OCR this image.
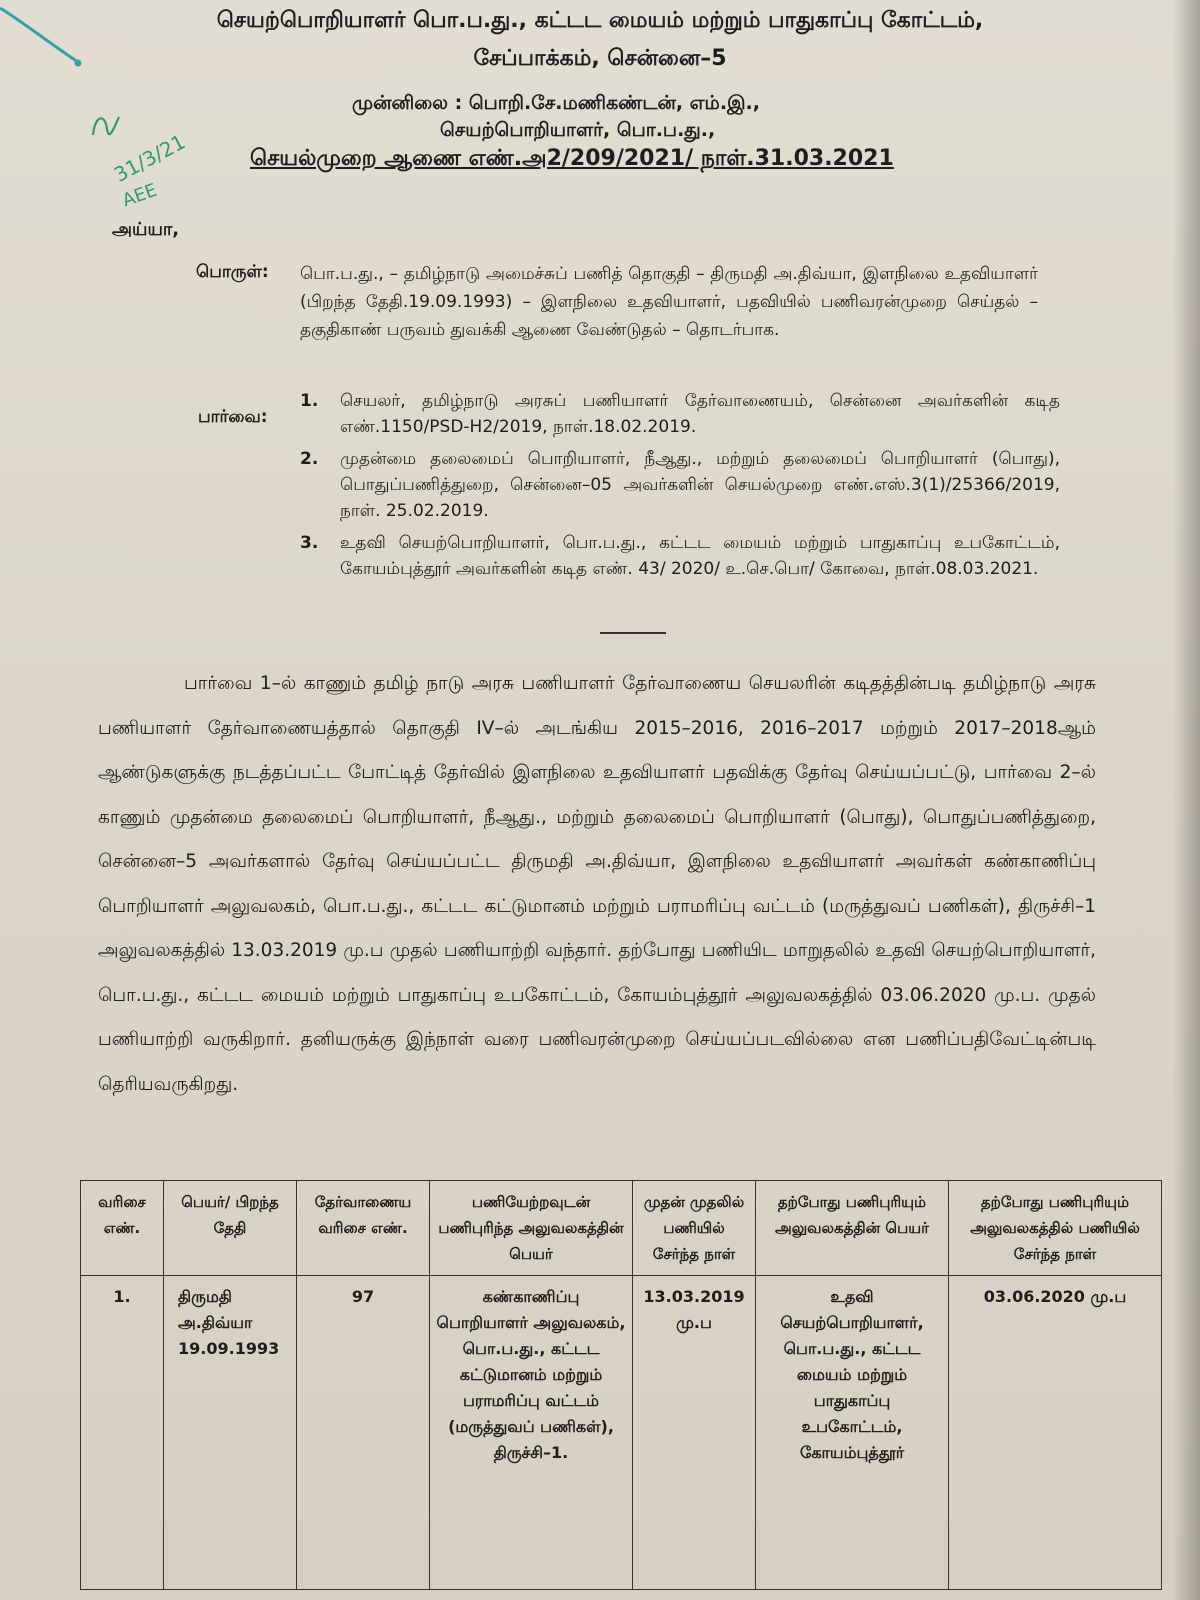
செயற்பொறியாளர் பொ.ப.து., கட்டட மையம் மற்றும் பாதுகாப்பு கோட்டம்,
சேப்பாக்கம், சென்னை–5
முன்னிலை : பொறி.சே.மணிகண்டன், எம்.இ.,
செயற்பொறியாளர், பொ.ப.து.,
செயல்முறை ஆணை எண்.அ2/209/2021/ நாள்.31.03.2021
31/3/21
AEE
அய்யா,
பொருள்: பொ.ப.து., – தமிழ்நாடு அமைச்சுப் பணித் தொகுதி – திருமதி அ.திவ்யா, இளநிலை உதவியாளர் (பிறந்த தேதி.19.09.1993) – இளநிலை உதவியாளர், பதவியில் பணிவரன்முறை செய்தல் – தகுதிகாண் பருவம் துவக்கி ஆணை வேண்டுதல் – தொடர்பாக.
பார்வை:
1. செயலர், தமிழ்நாடு அரசுப் பணியாளர் தேர்வாணையம், சென்னை அவர்களின் கடித எண்.1150/PSD-H2/2019, நாள்.18.02.2019.
2. முதன்மை தலைமைப் பொறியாளர், நீஆது., மற்றும் தலைமைப் பொறியாளர் (பொது), பொதுப்பணித்துறை, சென்னை–05 அவர்களின் செயல்முறை எண்.எஸ்.3(1)/25366/2019, நாள். 25.02.2019.
3. உதவி செயற்பொறியாளர், பொ.ப.து., கட்டட மையம் மற்றும் பாதுகாப்பு உபகோட்டம், கோயம்புத்தூர் அவர்களின் கடித எண். 43/ 2020/ உ.செ.பொ/ கோவை, நாள்.08.03.2021.
பார்வை 1–ல் காணும் தமிழ் நாடு அரசு பணியாளர் தேர்வாணைய செயலரின் கடிதத்தின்படி தமிழ்நாடு அரசு பணியாளர் தேர்வாணையத்தால் தொகுதி IV–ல் அடங்கிய 2015–2016, 2016–2017 மற்றும் 2017–2018ஆம் ஆண்டுகளுக்கு நடத்தப்பட்ட போட்டித் தேர்வில் இளநிலை உதவியாளர் பதவிக்கு தேர்வு செய்யப்பட்டு, பார்வை 2–ல் காணும் முதன்மை தலைமைப் பொறியாளர், நீஆது., மற்றும் தலைமைப் பொறியாளர் (பொது), பொதுப்பணித்துறை, சென்னை–5 அவர்களால் தேர்வு செய்யப்பட்ட திருமதி அ.திவ்யா, இளநிலை உதவியாளர் அவர்கள் கண்காணிப்பு பொறியாளர் அலுவலகம், பொ.ப.து., கட்டட கட்டுமானம் மற்றும் பராமரிப்பு வட்டம் (மருத்துவப் பணிகள்), திருச்சி–1 அலுவலகத்தில் 13.03.2019 மு.ப முதல் பணியாற்றி வந்தார். தற்போது பணியிட மாறுதலில் உதவி செயற்பொறியாளர், பொ.ப.து., கட்டட மையம் மற்றும் பாதுகாப்பு உபகோட்டம், கோயம்புத்தூர் அலுவலகத்தில் 03.06.2020 மு.ப. முதல் பணியாற்றி வருகிறார். தனியருக்கு இந்நாள் வரை பணிவரன்முறை செய்யப்படவில்லை என பணிப்பதிவேட்டின்படி தெரியவருகிறது.
வரிசை எண்.	பெயர்/ பிறந்த தேதி	தேர்வாணைய வரிசை எண்.	பணியேற்றவுடன் பணிபுரிந்த அலுவலகத்தின் பெயர்	முதன் முதலில் பணியில் சேர்ந்த நாள்	தற்போது பணிபுரியும் அலுவலகத்தின் பெயர்	தற்போது பணிபுரியும் அலுவலகத்தில் பணியில் சேர்ந்த நாள்
1.	திருமதி அ.திவ்யா 19.09.1993	97	கண்காணிப்பு பொறியாளர் அலுவலகம், பொ.ப.து., கட்டட கட்டுமானம் மற்றும் பராமரிப்பு வட்டம் (மருத்துவப் பணிகள்), திருச்சி–1.	13.03.2019 மு.ப	உதவி செயற்பொறியாளர், பொ.ப.து., கட்டட மையம் மற்றும் பாதுகாப்பு உபகோட்டம், கோயம்புத்தூர்	03.06.2020 மு.ப
